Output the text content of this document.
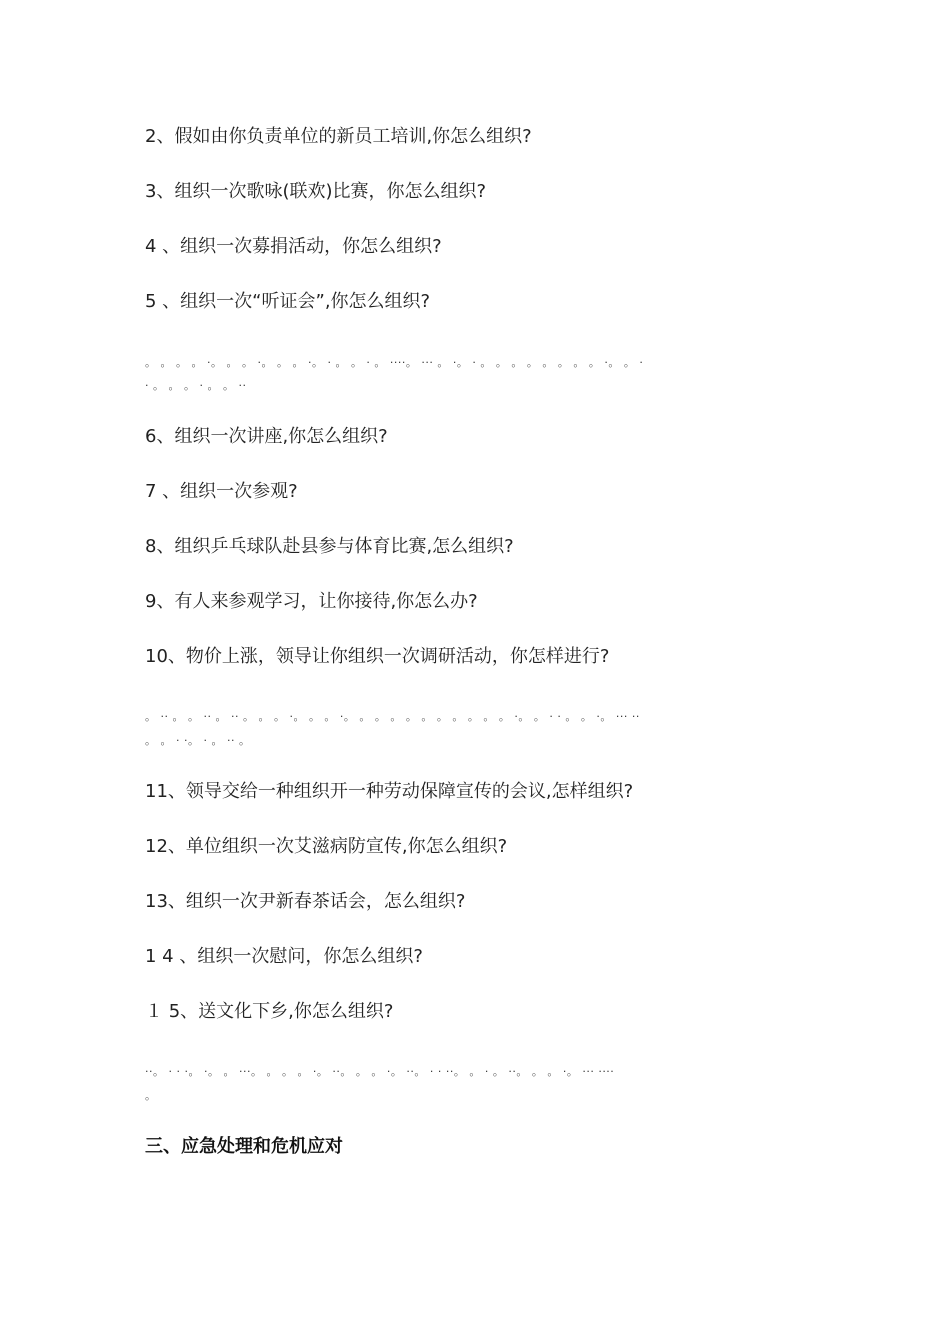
2、假如由你负责单位的新员工培训,你怎么组织?
3、组织一次歌咏(联欢)比赛，你怎么组织?
4 、组织一次募捐活动，你怎么组织?
5 、组织一次“听证会”,你怎么组织?
。 。 。 。 ·。 。 。 ·。 。 。 ·。 · 。 。 · 。 ····。 ··· 。 ·。 · 。 。 。 。 。 。 。 。 ·。 。 ·
· 。 。 。 · 。 。 ··
6、组织一次讲座,你怎么组织?
7 、组织一次参观?
8、组织乒乓球队赴县参与体育比赛,怎么组织?
9、有人来参观学习，让你接待,你怎么办?
10、物价上涨，领导让你组织一次调研活动，你怎样进行?
。 ·· 。 。 ·· 。 ·· 。 。 。 ·。 。 。 ·。 。 。 。 。 。 。 。 。 。 。 ·。 。 · · 。 。 ·。 ··· ··
。 。 · ·。 · 。 ·· 。
11、领导交给一种组织开一种劳动保障宣传的会议,怎样组织?
12、单位组织一次艾滋病防宣传,你怎么组织?
13、组织一次尹新春茶话会，怎么组织?
1 4 、组织一次慰问，你怎么组织?
１ 5、送文化下乡,你怎么组织?
··。 · · ·。 ·。 。 ···。 。 。 。 ·。 ··。 。 。 ·。 ··。 · · ··。 。 · 。 ··。 。 。 ·。 ··· ····
。
三、应急处理和危机应对
